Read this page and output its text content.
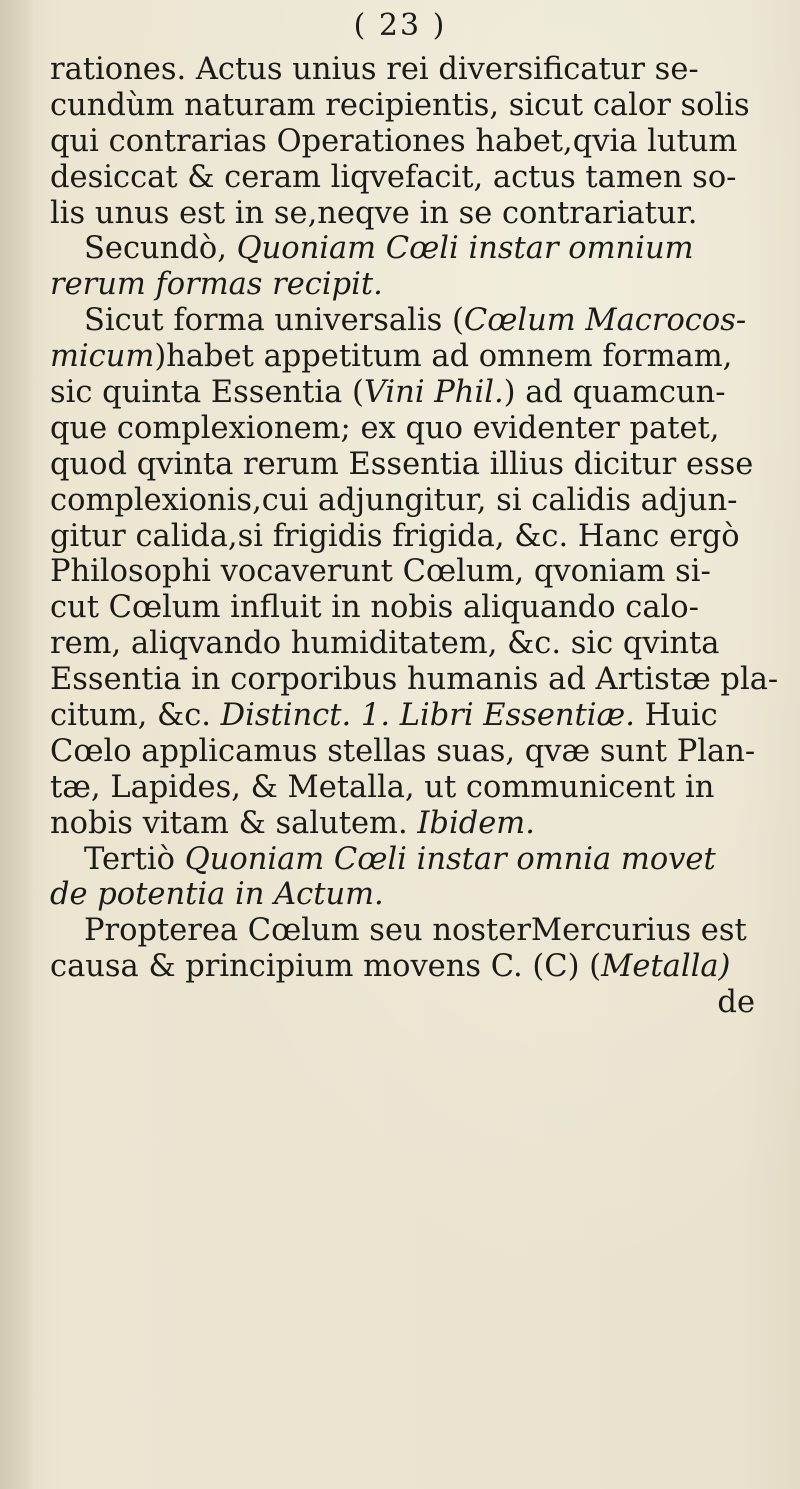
( 23 )
rationes. Actus unius rei diversificatur se-
cundùm naturam recipientis, sicut calor solis
qui contrarias Operationes habet,qvia lutum
desiccat & ceram liqvefacit, actus tamen so-
lis unus est in se,neqve in se contrariatur.
Secundò, Quoniam Cœli instar omnium
rerum formas recipit.
Sicut forma universalis (Cœlum Macrocos-
micum)habet appetitum ad omnem formam,
sic quinta Essentia (Vini Phil.) ad quamcun-
que complexionem; ex quo evidenter patet,
quod qvinta rerum Essentia illius dicitur esse
complexionis,cui adjungitur, si calidis adjun-
gitur calida,si frigidis frigida, &c. Hanc ergò
Philosophi vocaverunt Cœlum, qvoniam si-
cut Cœlum influit in nobis aliquando calo-
rem, aliqvando humiditatem, &c. sic qvinta
Essentia in corporibus humanis ad Artistæ pla-
citum, &c. Distinct. 1. Libri Essentiæ. Huic
Cœlo applicamus stellas suas, qvæ sunt Plan-
tæ, Lapides, & Metalla, ut communicent in
nobis vitam & salutem. Ibidem.
Tertiò Quoniam Cœli instar omnia movet
de potentia in Actum.
Propterea Cœlum seu nosterMercurius est
causa & principium movens C. (C) (Metalla)
de
